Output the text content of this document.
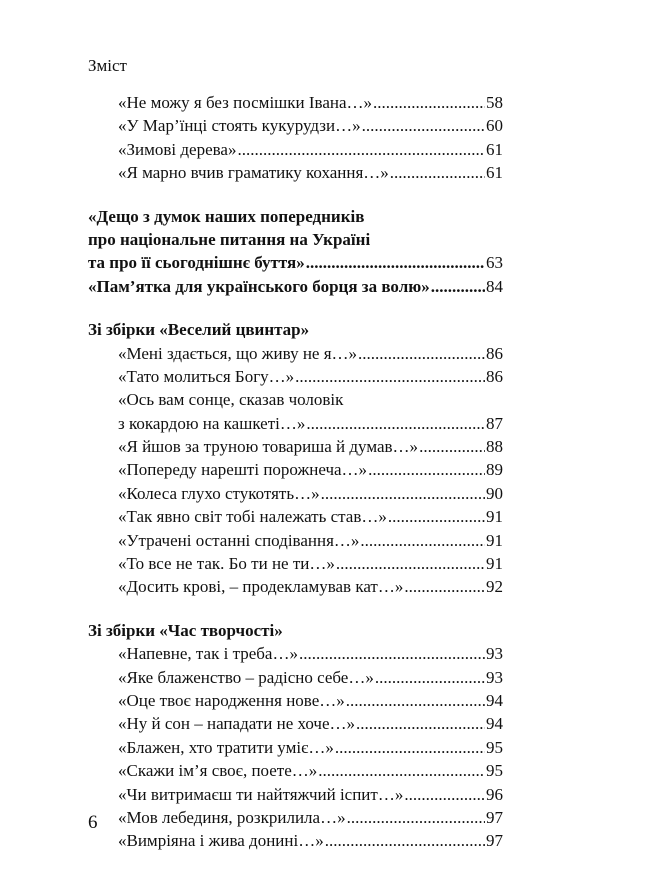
Зміст
«Не можу я без посмішки Івана…» .....	58
«У Мар’їнці стоять кукурудзи…» .....	60
«Зимові дерева» .....	61
«Я марно вчив граматику кохання…» .....	61
«Дещо з думок наших попередників
про національне питання на Україні
та про її сьогоднішнє буття» .....	63
«Пам’ятка для українського борця за волю» .....	84
Зі збірки «Веселий цвинтар»
«Мені здається, що живу не я…» .....	86
«Тато молиться Богу…» .....	86
«Ось вам сонце, сказав чоловік
з кокардою на кашкеті…» .....	87
«Я йшов за труною товариша й думав…» .....	88
«Попереду нарешті порожнеча…» .....	89
«Колеса глухо стукотять…» .....	90
«Так явно світ тобі належать став…» .....	91
«Утрачені останні сподівання…» .....	91
«То все не так. Бо ти не ти…» .....	91
«Досить крові, – продекламував кат…» .....	92
Зі збірки «Час творчості»
«Напевне, так і треба…» .....	93
«Яке блаженство – радісно себе…» .....	93
«Оце твоє народження нове…» .....	94
«Ну й сон – нападати не хоче…» .....	94
«Блажен, хто тратити уміє…» .....	95
«Скажи ім’я своє, поете…» .....	95
«Чи витримаєш ти найтяжчий іспит…» .....	96
«Мов лебединя, розкрилила…» .....	97
«Вимріяна і жива донині…» .....	97
6
